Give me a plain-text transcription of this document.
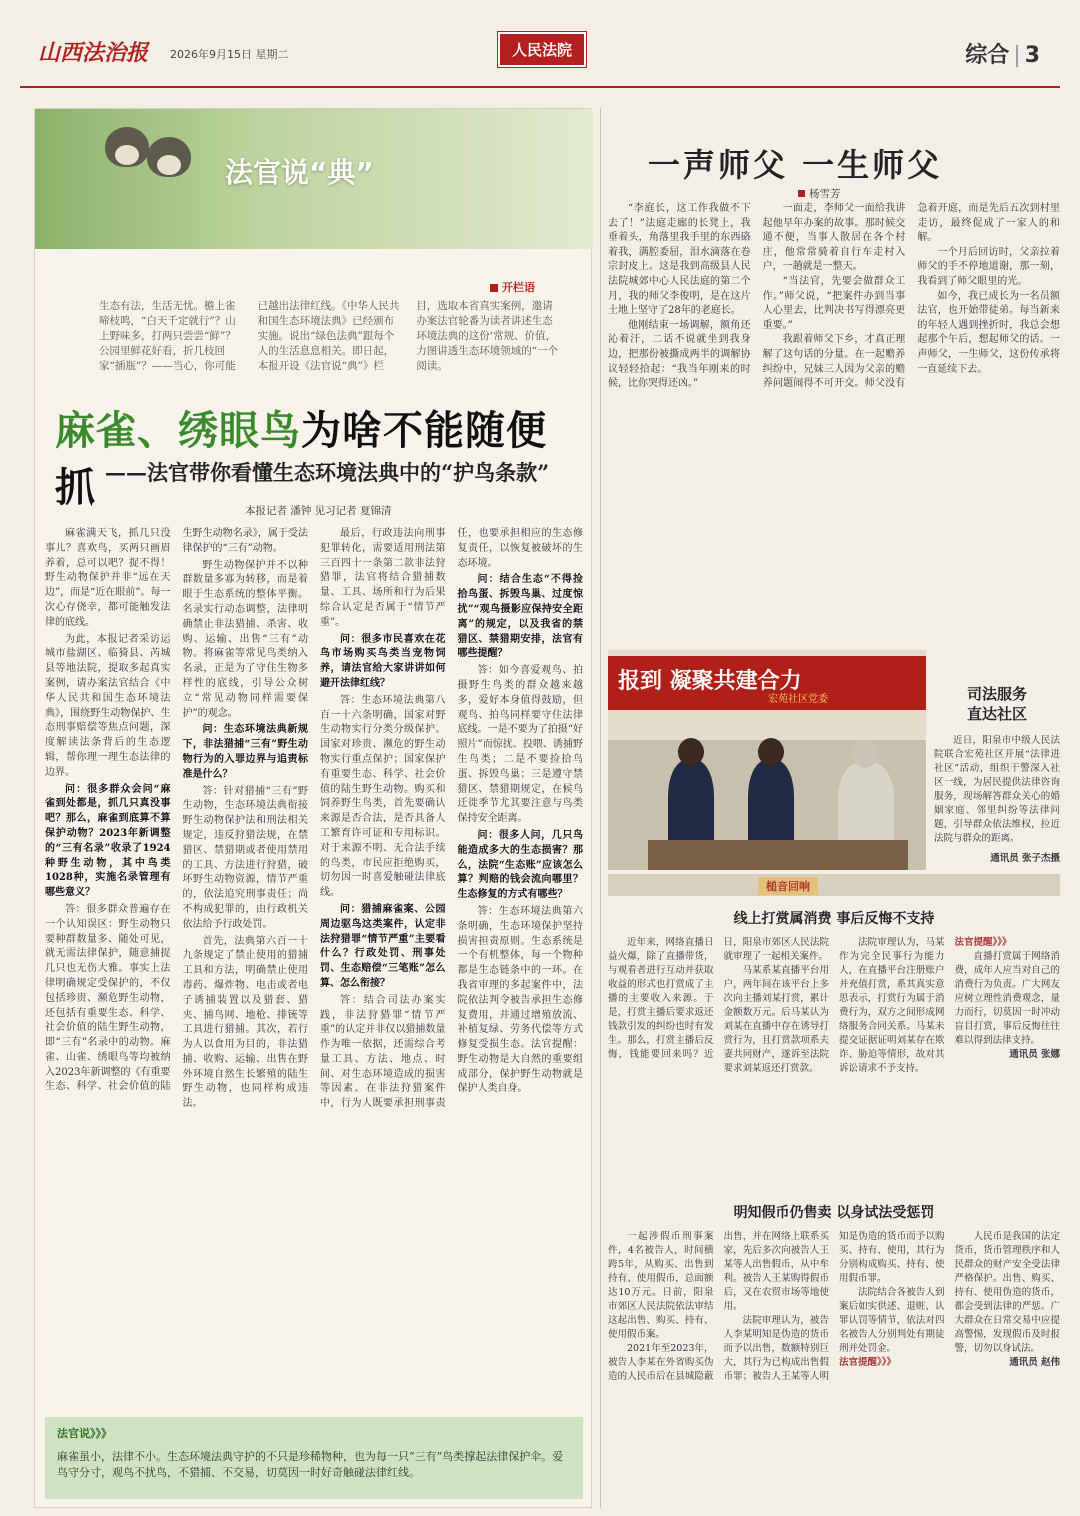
山西法治报 2026年9月15日 星期二	人民法院	综合 | 3
法官说“典”
开栏语
生态有法，生活无忧。檐上雀啼枝鸣，“白天千定就行”？山上野味多，打两只尝尝“鲜”？公园里鲜花好看，折几枝回家“插瓶”？——当心，你可能已越出法律红线。《中华人民共和国生态环境法典》已经颁布实施。说出“绿色法典”跟每个人的生活息息相关。即日起，本报开设《法官说“典”》栏目，选取本省真实案例，邀请办案法官轮番为读者讲述生态环境法典的这份‘常规、价值，力图讲透生态环境领域的“一个阅读。
麻雀、绣眼鸟为啥不能随便抓 ——法官带你看懂生态环境法典中的“护鸟条款”
本报记者 潘钟 见习记者 夏锦清

麻雀满天飞，抓几只没事儿？喜欢鸟，买两只画眉养着，总可以吧？捉不得！野生动物保护并非“远在天边”，而是“近在眼前”。每一次心存侥幸，都可能触发法律的底线。

为此，本报记者采访运城市盐湖区、临猗县、芮城县等地法院，提取多起真实案例，请办案法官结合《中华人民共和国生态环境法典》，围绕野生动物保护、生态刑事赔偿等焦点问题，深度解读法条背后的生态逻辑，帮你理一理生态法律的边界。

问：很多群众会问“麻雀到处都是，抓几只真没事吧？那么，麻雀到底算不算保护动物？2023年新调整的“三有名录”收录了1924种野生动物，其中鸟类1028种，实施名录管理有哪些意义？

答：很多群众普遍存在一个认知误区：野生动物只要种群数量多、随处可见，就无需法律保护，随意捕捉几只也无伤大雅。事实上法律明确规定受保护的，不仅包括珍贵、濒危野生动物，还包括有重要生态、科学、社会价值的陆生野生动物，即“三有”名录中的动物。麻雀、山雀、绣眼鸟等均被纳入2023年新调整的《有重要生态、科学、社会价值的陆生野生动物名录》，属于受法律保护的“三有”动物。

野生动物保护并不以种群数量多寡为转移，而是着眼于生态系统的整体平衡。名录实行动态调整，法律明确禁止非法猎捕、杀害、收购、运输、出售“三有”动物。将麻雀等常见鸟类纳入名录，正是为了守住生物多样性的底线，引导公众树立“常见动物同样需要保护”的观念。

问：生态环境法典新规下，非法猎捕“三有”野生动物行为的入罪边界与追责标准是什么？

答：针对猎捕“三有”野生动物，生态环境法典衔接野生动物保护法和刑法相关规定，违反狩猎法规，在禁猎区、禁猎期或者使用禁用的工具、方法进行狩猎，破坏野生动物资源，情节严重的，依法追究刑事责任；尚不构成犯罪的，由行政机关依法给予行政处罚。

首先，法典第六百一十九条规定了禁止使用的猎捕工具和方法，明确禁止使用毒药、爆炸物、电击或者电子诱捕装置以及猎套、猎夹、捕鸟网、地枪、排铳等工具进行猎捕。其次，若行为人以食用为目的，非法猎捕、收购、运输、出售在野外环境自然生长繁殖的陆生野生动物，也同样构成违法。

最后，行政违法向刑事犯罪转化，需要适用刑法第三百四十一条第二款非法狩猎罪，法官将结合猎捕数量、工具、场所和行为后果综合认定是否属于“情节严重”。

问：很多市民喜欢在花鸟市场购买鸟类当宠物饲养，请法官给大家讲讲如何避开法律红线？

答：生态环境法典第八百一十六条明确，国家对野生动物实行分类分级保护。国家对珍贵、濒危的野生动物实行重点保护；国家保护有重要生态、科学、社会价值的陆生野生动物。购买和饲养野生鸟类，首先要确认来源是否合法，是否具备人工繁育许可证和专用标识。对于来源不明、无合法手续的鸟类，市民应拒绝购买，切勿因一时喜爱触碰法律底线。

问：猎捕麻雀案、公园周边驱鸟这类案件，认定非法狩猎罪“情节严重”主要看什么？行政处罚、刑事处罚、生态赔偿“三笔账”怎么算、怎么衔接？

答：结合司法办案实践，非法狩猎罪“情节严重”的认定并非仅以猎捕数量作为唯一依据，还需综合考量工具、方法、地点、时间、对生态环境造成的损害等因素。在非法狩猎案件中，行为人既要承担刑事责任，也要承担相应的生态修复责任，以恢复被破坏的生态环境。

问：结合生态“不得捡拾鸟蛋、拆毁鸟巢、过度惊扰”“观鸟摄影应保持安全距离”的规定，以及我省的禁猎区、禁猎期安排，法官有哪些提醒？

答：如今喜爱观鸟、拍摄野生鸟类的群众越来越多，爱好本身值得鼓励，但观鸟、拍鸟同样要守住法律底线。一是不要为了拍摄“好照片”而惊扰、投喂、诱捕野生鸟类；二是不要捡拾鸟蛋、拆毁鸟巢；三是遵守禁猎区、禁猎期规定，在候鸟迁徙季节尤其要注意与鸟类保持安全距离。

问：很多人问，几只鸟能造成多大的生态损害？那么，法院“生态账”应该怎么算？判赔的钱会流向哪里？生态修复的方式有哪些？

答：生态环境法典第六条明确，生态环境保护坚持损害担责原则。生态系统是一个有机整体，每一个物种都是生态链条中的一环。在我省审理的多起案件中，法院依法判令被告承担生态修复费用，并通过增殖放流、补植复绿、劳务代偿等方式修复受损生态。法官提醒：野生动物是大自然的重要组成部分，保护野生动物就是保护人类自身。

法官说》》》
麻雀虽小，法律不小。生态环境法典守护的不只是珍稀物种，也为每一只“三有”鸟类撑起法律保护伞。爱鸟守分寸，观鸟不扰鸟，不猎捕、不交易，切莫因一时好奇触碰法律红线。
一声师父 一生师父
杨雪芳

“李庭长，这工作我做不下去了！”法庭走廊的长凳上，我垂着头，角落里我手里的东西硌着我，满腔委屈，泪水滴落在卷宗封皮上。这是我到高级县人民法院城郊中心人民法庭的第二个月，我的师父李俊明，是在这片土地上坚守了28年的老庭长。

他刚结束一场调解，额角还沁着汗，二话不说就坐到我身边，把那份被撕成两半的调解协议轻轻拾起：“我当年刚来的时候，比你哭得还凶。”

一面走，李师父一面给我讲起他早年办案的故事。那时候交通不便，当事人散居在各个村庄，他常常骑着自行车走村入户，一趟就是一整天。

“当法官，先要会做群众工作。”师父说，“把案件办到当事人心里去，比判决书写得漂亮更重要。”

我跟着师父下乡，才真正理解了这句话的分量。在一起赡养纠纷中，兄妹三人因为父亲的赡养问题闹得不可开交。师父没有急着开庭，而是先后五次到村里走访，最终促成了一家人的和解。

一个月后回访时，父亲拉着师父的手不停地道谢，那一刻，我看到了师父眼里的光。

如今，我已成长为一名员额法官，也开始带徒弟。每当新来的年轻人遇到挫折时，我总会想起那个午后，想起师父的话。一声师父，一生师父，这份传承将一直延续下去。

报到 凝聚共建合力
宏苑社区党委	司法服务
直达社区
近日，阳泉市中级人民法院联合宏苑社区开展“法律进社区”活动，组织干警深入社区一线，为居民提供法律咨询服务，现场解答群众关心的婚姻家庭、邻里纠纷等法律问题，引导群众依法维权，拉近法院与群众的距离。
通讯员 张子杰摄
槌音回响
线上打赏属消费 事后反悔不支持

近年来，网络直播日益火爆，除了直播带货，与观看者进行互动并获取收益的形式也打赏成了主播的主要收入来源。于是，打赏主播后要求返还钱款引发的纠纷也时有发生。那么，打赏主播后反悔，钱能要回来吗？近日，阳泉市郊区人民法院就审理了一起相关案件。

马某系某直播平台用户，两年间在该平台上多次向主播刘某打赏，累计金额数万元。后马某认为刘某在直播中存在诱导打赏行为，且打赏款项系夫妻共同财产，遂诉至法院要求刘某返还打赏款。

法院审理认为，马某作为完全民事行为能力人，在直播平台注册账户并充值打赏，系其真实意思表示，打赏行为属于消费行为，双方之间形成网络服务合同关系。马某未提交证据证明刘某存在欺诈、胁迫等情形，故对其诉讼请求不予支持。

法官提醒》》》

直播打赏属于网络消费，成年人应当对自己的消费行为负责。广大网友应树立理性消费观念，量力而行，切莫因一时冲动盲目打赏，事后反悔往往难以得到法律支持。

通讯员 张娜

明知假币仍售卖 以身试法受惩罚

一起涉假币刑事案件，4名被告人，时间横跨5年，从购买、出售到持有、使用假币，总面额达10万元。日前，阳泉市郊区人民法院依法审结这起出售、购买、持有、使用假币案。

2021年至2023年，被告人李某在外省购买伪造的人民币后在县城隐蔽出售，并在网络上联系买家，先后多次向被告人王某等人出售假币，从中牟利。被告人王某购得假币后，又在农贸市场等地使用。

法院审理认为，被告人李某明知是伪造的货币而予以出售，数额特别巨大，其行为已构成出售假币罪；被告人王某等人明知是伪造的货币而予以购买、持有、使用，其行为分别构成购买、持有、使用假币罪。

法院结合各被告人到案后如实供述、退赃、认罪认罚等情节，依法对四名被告人分别判处有期徒刑并处罚金。

法官提醒》》》

人民币是我国的法定货币，货币管理秩序和人民群众的财产安全受法律严格保护。出售、购买、持有、使用伪造的货币，都会受到法律的严惩。广大群众在日常交易中应提高警惕，发现假币及时报警，切勿以身试法。

通讯员 赵伟
